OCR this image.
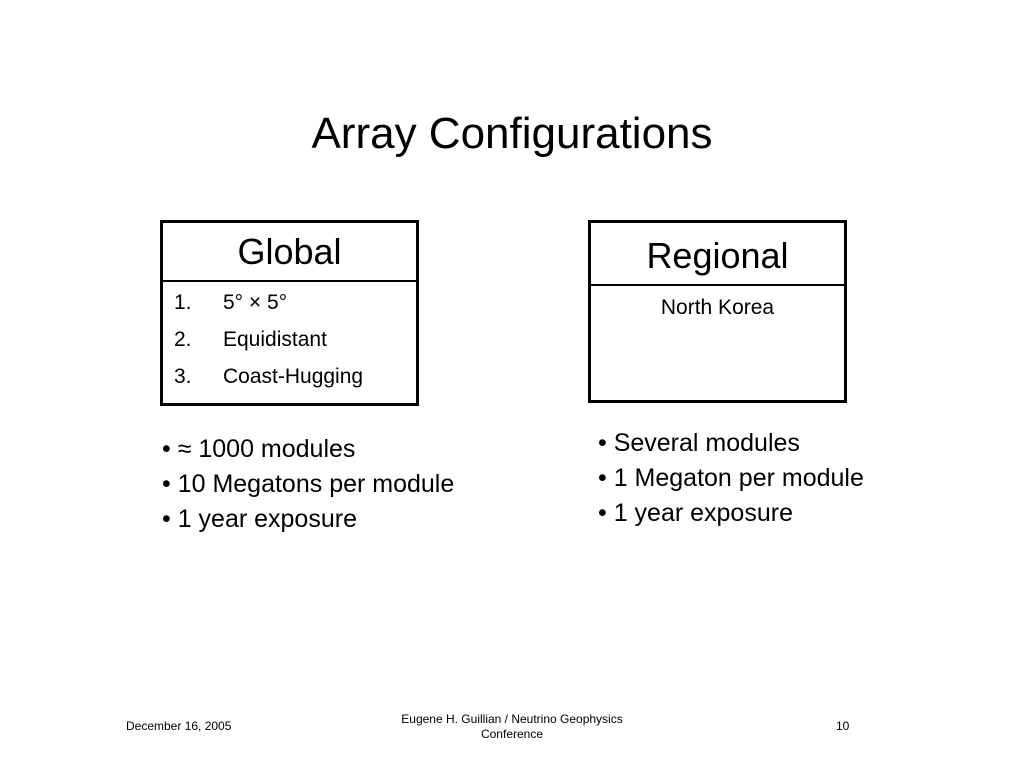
Array Configurations
Global
1. 5° × 5°
2. Equidistant
3. Coast-Hugging
Regional
North Korea
• ≈ 1000 modules
• 10 Megatons per module
• 1 year exposure
• Several modules
• 1 Megaton per module
• 1 year exposure
December 16, 2005	Eugene H. Guillian / Neutrino Geophysics
Conference
10
